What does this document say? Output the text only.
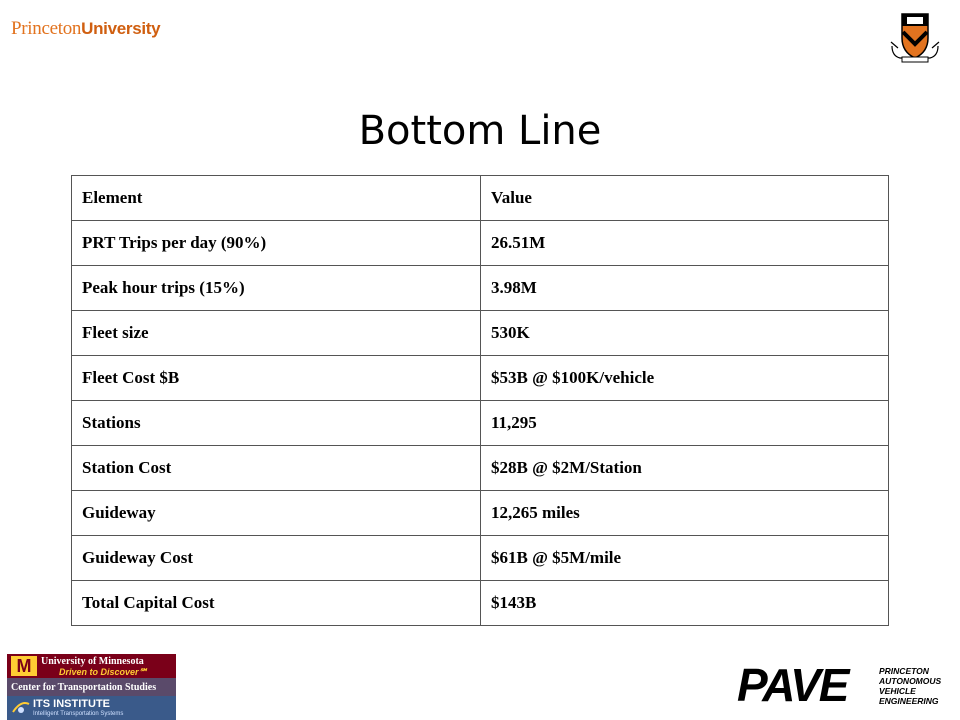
PrincetonUniversity
Bottom Line
Element	Value
PRT Trips per day (90%)	26.51M
Peak hour trips (15%)	3.98M
Fleet size	530K
Fleet Cost $B	$53B @ $100K/vehicle
Stations	11,295
Station Cost	$28B @ $2M/Station
Guideway	12,265 miles
Guideway Cost	$61B @ $5M/mile
Total Capital Cost	$143B
M University of Minnesota
Driven to Discover℠
Center for Transportation Studies
ITS INSTITUTE
Intelligent Transportation Systems
PAVE	PRINCETON
AUTONOMOUS
VEHICLE
ENGINEERING
